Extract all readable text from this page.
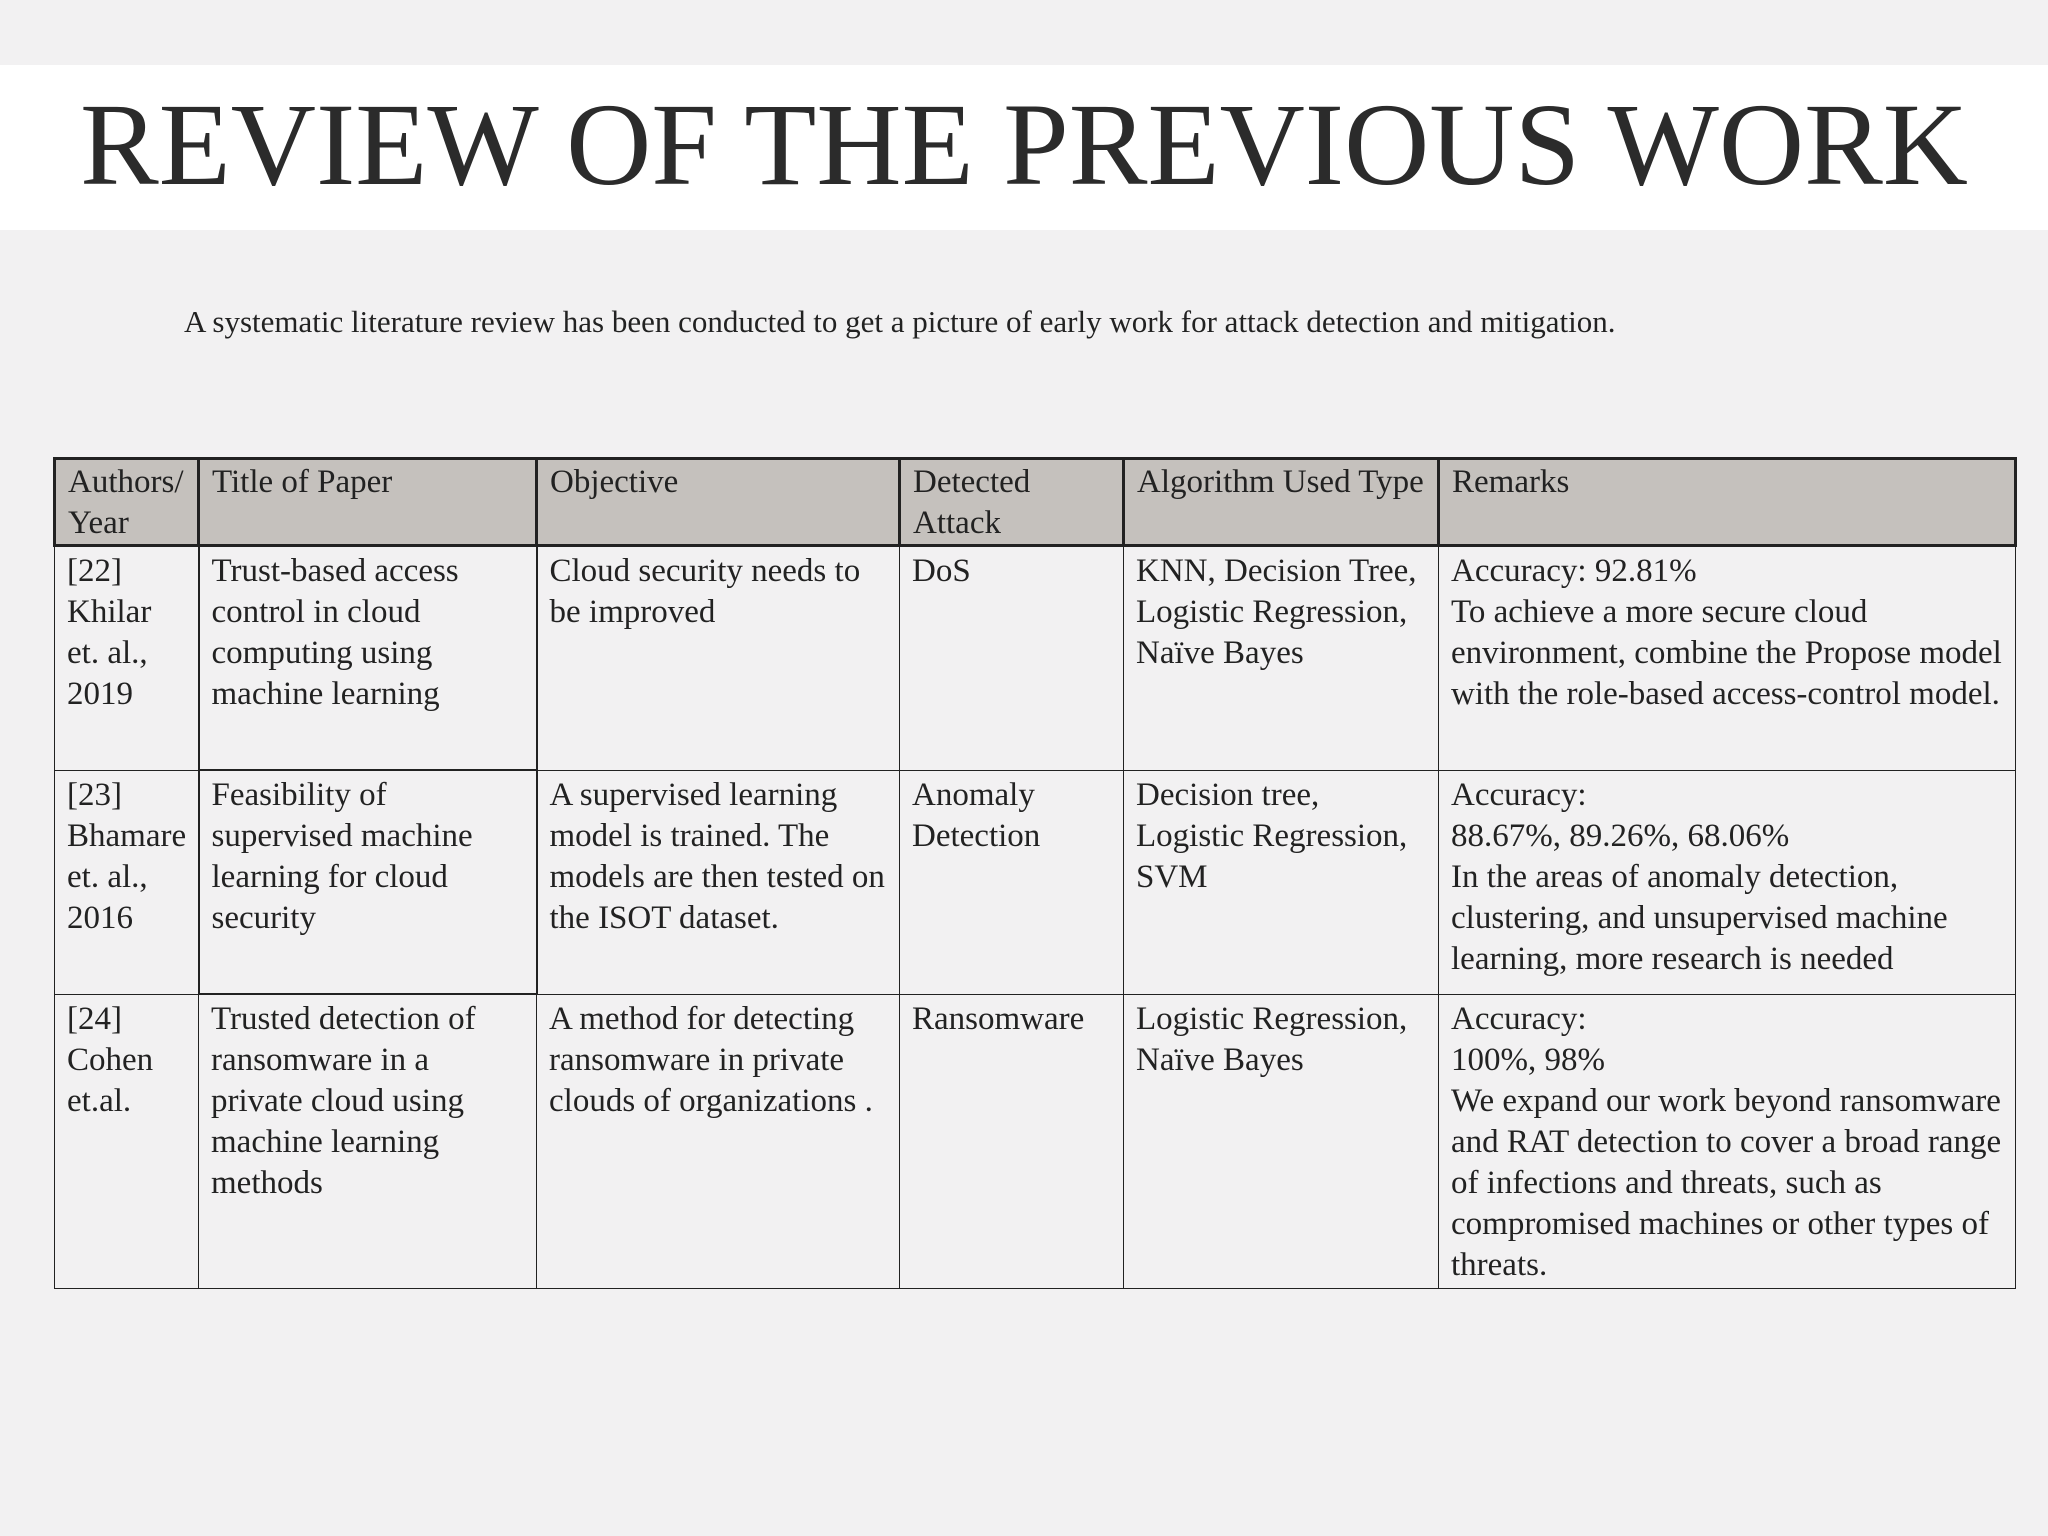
REVIEW OF THE PREVIOUS WORK
A systematic literature review has been conducted to get a picture of early work for attack detection and mitigation.
Authors/ Year	Title of Paper	Objective	Detected Attack	Algorithm Used Type	Remarks
[22] Khilar et. al., 2019	Trust-based access control in cloud computing using machine learning	Cloud security needs to be improved	DoS	KNN, Decision Tree, Logistic Regression, Naïve Bayes	Accuracy: 92.81%
To achieve a more secure cloud environment, combine the Propose model with the role-based access-control model.

[23] Bhamare et. al., 2016	Feasibility of supervised machine learning for cloud security	A supervised learning model is trained. The models are then tested on the ISOT dataset.	Anomaly Detection	Decision tree, Logistic Regression, SVM	Accuracy:
88.67%, 89.26%, 68.06%
In the areas of anomaly detection, clustering, and unsupervised machine learning, more research is needed

[24] Cohen et.al.	Trusted detection of ransomware in a private cloud using machine learning methods	A method for detecting ransomware in private clouds of organizations .	Ransomware	Logistic Regression, Naïve Bayes	Accuracy:
100%, 98%
We expand our work beyond ransomware and RAT detection to cover a broad range of infections and threats, such as compromised machines or other types of threats.
